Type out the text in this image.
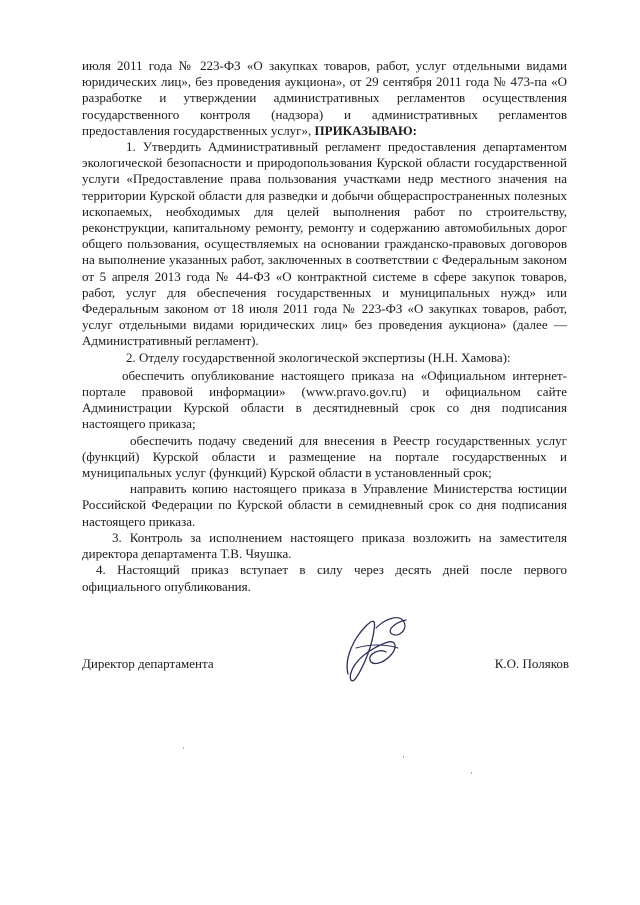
июля 2011 года № 223-ФЗ «О закупках товаров, работ, услуг отдельными видами юридических лиц», без проведения аукциона», от 29 сентября 2011 года № 473-па «О разработке и утверждении административных регламентов осуществления государственного контроля (надзора) и административных регламентов предоставления государственных услуг», ПРИКАЗЫВАЮ:

1. Утвердить Административный регламент предоставления департаментом экологической безопасности и природопользования Курской области государственной услуги «Предоставление права пользования участками недр местного значения на территории Курской области для разведки и добычи общераспространенных полезных ископаемых, необходимых для целей выполнения работ по строительству, реконструкции, капитальному ремонту, ремонту и содержанию автомобильных дорог общего пользования, осуществляемых на основании гражданско-правовых договоров на выполнение указанных работ, заключенных в соответствии с Федеральным законом от 5 апреля 2013 года № 44-ФЗ «О контрактной системе в сфере закупок товаров, работ, услуг для обеспечения государственных и муниципальных нужд» или Федеральным законом от 18 июля 2011 года № 223-ФЗ «О закупках товаров, работ, услуг отдельными видами юридических лиц» без проведения аукциона» (далее — Административный регламент).

2. Отделу государственной экологической экспертизы (Н.Н. Хамова):

обеспечить опубликование настоящего приказа на «Официальном интернет-портале правовой информации» (www.pravo.gov.ru) и официальном сайте Администрации Курской области в десятидневный срок со дня подписания настоящего приказа;

обеспечить подачу сведений для внесения в Реестр государственных услуг (функций) Курской области и размещение на портале государственных и муниципальных услуг (функций) Курской области в установленный срок;

направить копию настоящего приказа в Управление Министерства юстиции Российской Федерации по Курской области в семидневный срок со дня подписания настоящего приказа.

3. Контроль за исполнением настоящего приказа возложить на заместителя директора департамента Т.В. Чяушка.

4. Настоящий приказ вступает в силу через десять дней после первого официального опубликования.

Директор департамента	К.О. Поляков
·
·
·
